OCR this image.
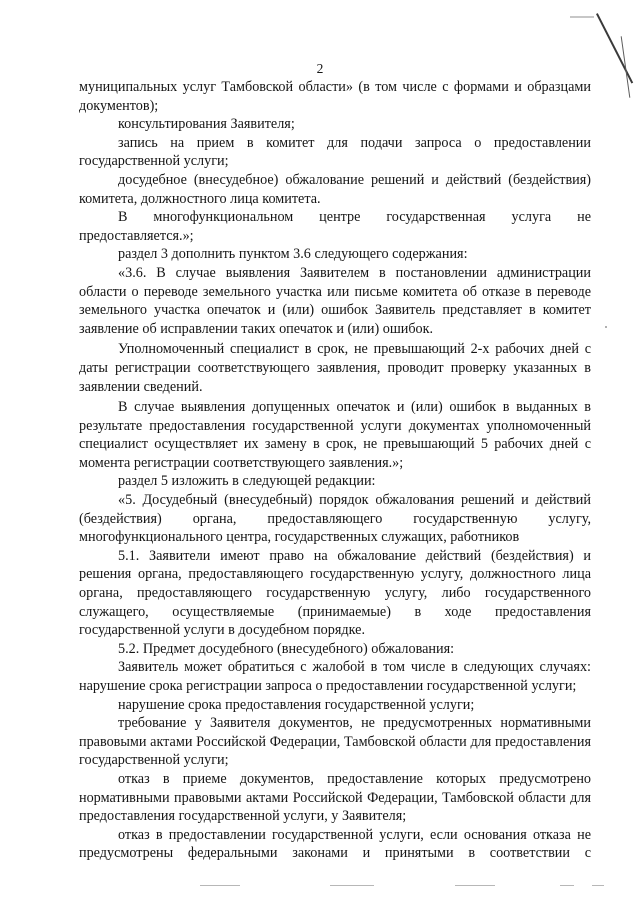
2

муниципальных услуг Тамбовской области» (в том числе с формами и образцами документов);

консультирования Заявителя;

запись на прием в комитет для подачи запроса о предоставлении государственной услуги;

досудебное (внесудебное) обжалование решений и действий (бездействия) комитета, должностного лица комитета.

В многофункциональном центре государственная услуга не предоставляется.»;

раздел 3 дополнить пунктом 3.6 следующего содержания:

«3.6. В случае выявления Заявителем в постановлении администрации области о переводе земельного участка или письме комитета об отказе в переводе земельного участка опечаток и (или) ошибок Заявитель представляет в комитет заявление об исправлении таких опечаток и (или) ошибок.

Уполномоченный специалист в срок, не превышающий 2-х рабочих дней с даты регистрации соответствующего заявления, проводит проверку указанных в заявлении сведений.

В случае выявления допущенных опечаток и (или) ошибок в выданных в результате предоставления государственной услуги документах уполномоченный специалист осуществляет их замену в срок, не превышающий 5 рабочих дней с момента регистрации соответствующего заявления.»;

раздел 5 изложить в следующей редакции:

«5. Досудебный (внесудебный) порядок обжалования решений и действий (бездействия) органа, предоставляющего государственную услугу, многофункционального центра, государственных служащих, работников

5.1. Заявители имеют право на обжалование действий (бездействия) и решения органа, предоставляющего государственную услугу, должностного лица органа, предоставляющего государственную услугу, либо государственного служащего, осуществляемые (принимаемые) в ходе предоставления государственной услуги в досудебном порядке.

5.2. Предмет досудебного (внесудебного) обжалования:

Заявитель может обратиться с жалобой в том числе в следующих случаях: нарушение срока регистрации запроса о предоставлении государственной услуги;

нарушение срока предоставления государственной услуги;

требование у Заявителя документов, не предусмотренных нормативными правовыми актами Российской Федерации, Тамбовской области для предоставления государственной услуги;

отказ в приеме документов, предоставление которых предусмотрено нормативными правовыми актами Российской Федерации, Тамбовской области для предоставления государственной услуги, у Заявителя;

отказ в предоставлении государственной услуги, если основания отказа не предусмотрены федеральными законами и принятыми в соответствии с
